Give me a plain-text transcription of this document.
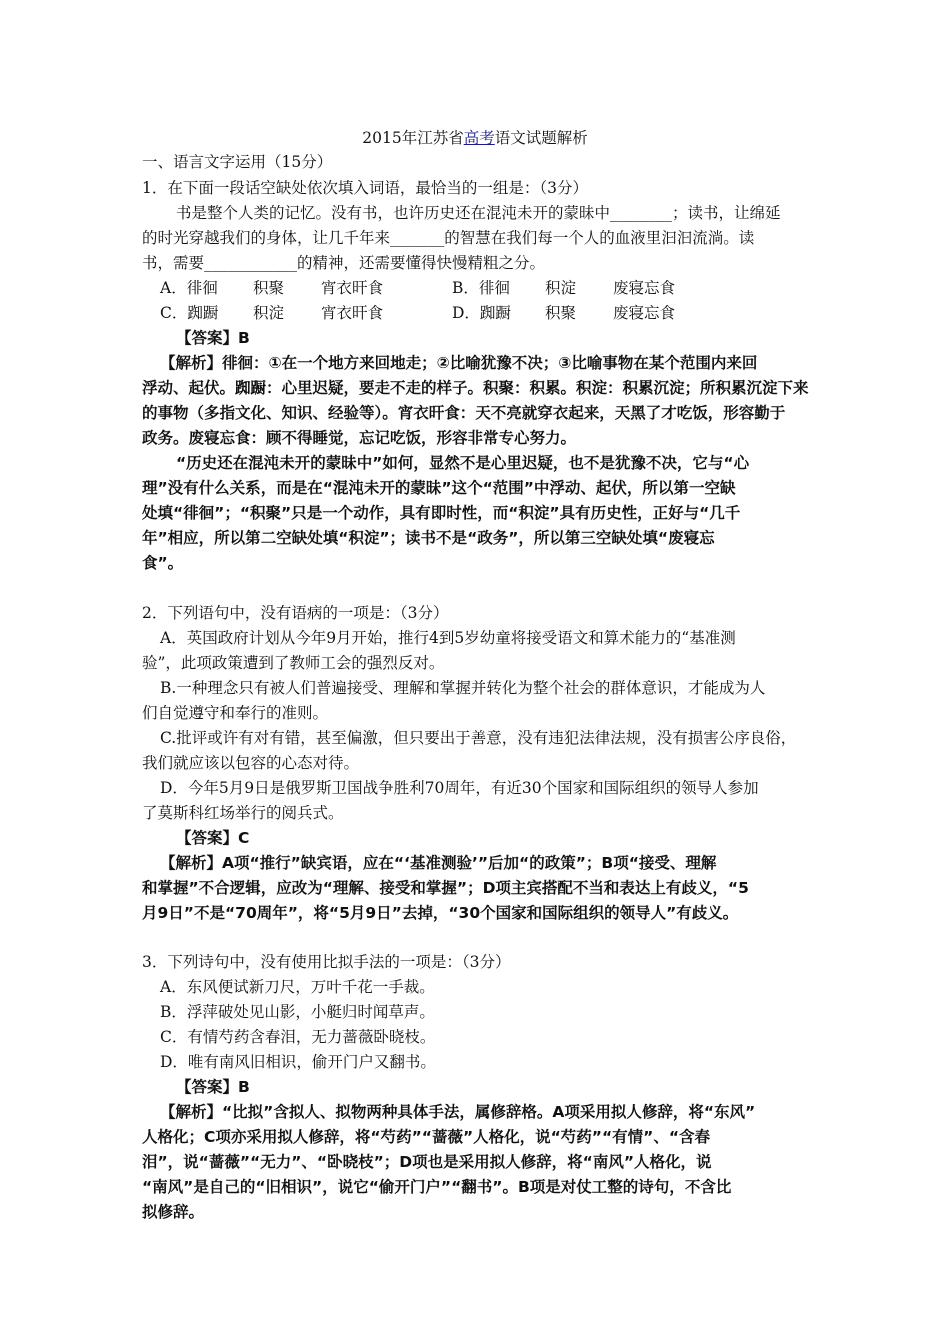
2015年江苏省高考语文试题解析
一、语言文字运用（15分）
1．在下面一段话空缺处依次填入词语，最恰当的一组是：（3分）
书是整个人类的记忆。没有书，也许历史还在混沌未开的蒙昧中________；读书，让绵延
的时光穿越我们的身体，让几千年来_______的智慧在我们每一个人的血液里汩汩流淌。读
书，需要____________的精神，还需要懂得快慢精粗之分。
A．徘徊 积聚 宵衣旰食	B．徘徊 积淀 废寝忘食
C．踟蹰 积淀 宵衣旰食	D．踟蹰 积聚 废寝忘食
【答案】B
【解析】徘徊：①在一个地方来回地走；②比喻犹豫不决；③比喻事物在某个范围内来回
浮动、起伏。踟蹰：心里迟疑，要走不走的样子。积聚：积累。积淀：积累沉淀；所积累沉淀下来
的事物（多指文化、知识、经验等）。宵衣旰食：天不亮就穿衣起来，天黑了才吃饭，形容勤于
政务。废寝忘食：顾不得睡觉，忘记吃饭，形容非常专心努力。
“历史还在混沌未开的蒙昧中”如何，显然不是心里迟疑，也不是犹豫不决，它与“心
理”没有什么关系，而是在“混沌未开的蒙昧”这个“范围”中浮动、起伏，所以第一空缺
处填“徘徊”；“积聚”只是一个动作，具有即时性，而“积淀”具有历史性，正好与“几千
年”相应，所以第二空缺处填“积淀”；读书不是“政务”，所以第三空缺处填“废寝忘
食”。
2．下列语句中，没有语病的一项是：（3分）
A．英国政府计划从今年9月开始，推行4到5岁幼童将接受语文和算术能力的“基准测
验”，此项政策遭到了教师工会的强烈反对。
B.一种理念只有被人们普遍接受、理解和掌握并转化为整个社会的群体意识，才能成为人
们自觉遵守和奉行的准则。
C.批评或许有对有错，甚至偏激，但只要出于善意，没有违犯法律法规，没有损害公序良俗，
我们就应该以包容的心态对待。
D．今年5月9日是俄罗斯卫国战争胜利70周年，有近30个国家和国际组织的领导人参加
了莫斯科红场举行的阅兵式。
【答案】C
【解析】A项“推行”缺宾语，应在“‘基准测验’”后加“的政策”；B项“接受、理解
和掌握”不合逻辑，应改为“理解、接受和掌握”；D项主宾搭配不当和表达上有歧义，“5
月9日”不是“70周年”，将“5月9日”去掉，“30个国家和国际组织的领导人”有歧义。
3．下列诗句中，没有使用比拟手法的一项是：（3分）
A．东风便试新刀尺，万叶千花一手裁。
B．浮萍破处见山影，小艇归时闻草声。
C．有情芍药含春泪，无力蔷薇卧晓枝。
D．唯有南风旧相识，偷开门户又翻书。
【答案】B
【解析】“比拟”含拟人、拟物两种具体手法，属修辞格。A项采用拟人修辞，将“东风”
人格化；C项亦采用拟人修辞，将“芍药”“蔷薇”人格化，说“芍药”“有情”、“含春
泪”，说“蔷薇”“无力”、“卧晓枝”；D项也是采用拟人修辞，将“南风”人格化，说
“南风”是自己的“旧相识”，说它“偷开门户”“翻书”。B项是对仗工整的诗句，不含比
拟修辞。
